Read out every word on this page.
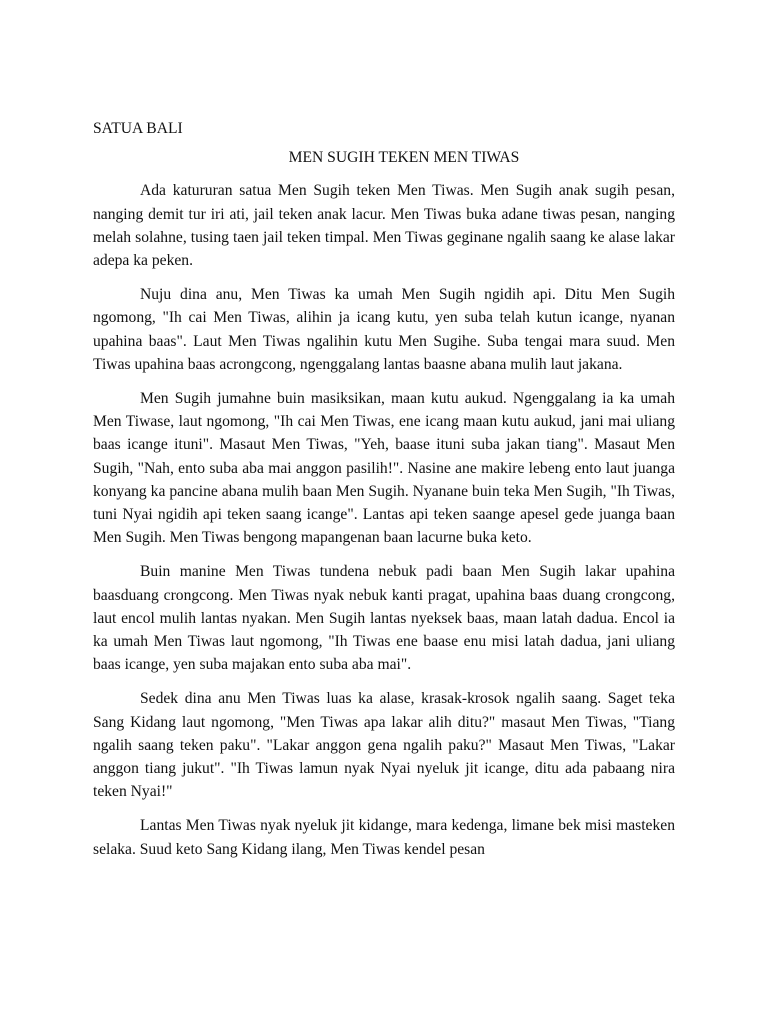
SATUA BALI
MEN SUGIH TEKEN MEN TIWAS

Ada katururan satua Men Sugih teken Men Tiwas. Men Sugih anak sugih pesan, nanging demit tur iri ati, jail teken anak lacur. Men Tiwas buka adane tiwas pesan, nanging melah solahne, tusing taen jail teken timpal. Men Tiwas geginane ngalih saang ke alase lakar adepa ka peken.

Nuju dina anu, Men Tiwas ka umah Men Sugih ngidih api. Ditu Men Sugih ngomong, "Ih cai Men Tiwas, alihin ja icang kutu, yen suba telah kutun icange, nyanan upahina baas". Laut Men Tiwas ngalihin kutu Men Sugihe. Suba tengai mara suud. Men Tiwas upahina baas acrongcong, ngenggalang lantas baasne abana mulih laut jakana.

Men Sugih jumahne buin masiksikan, maan kutu aukud. Ngenggalang ia ka umah Men Tiwase, laut ngomong, "Ih cai Men Tiwas, ene icang maan kutu aukud, jani mai uliang baas icange ituni". Masaut Men Tiwas, "Yeh, baase ituni suba jakan tiang". Masaut Men Sugih, "Nah, ento suba aba mai anggon pasilih!". Nasine ane makire lebeng ento laut juanga konyang ka pancine abana mulih baan Men Sugih. Nyanane buin teka Men Sugih, "Ih Tiwas, tuni Nyai ngidih api teken saang icange". Lantas api teken saange apesel gede juanga baan Men Sugih. Men Tiwas bengong mapangenan baan lacurne buka keto.

Buin manine Men Tiwas tundena nebuk padi baan Men Sugih lakar upahina baasduang crongcong. Men Tiwas nyak nebuk kanti pragat, upahina baas duang crongcong, laut encol mulih lantas nyakan. Men Sugih lantas nyeksek baas, maan latah dadua. Encol ia ka umah Men Tiwas laut ngomong, "Ih Tiwas ene baase enu misi latah dadua, jani uliang baas icange, yen suba majakan ento suba aba mai".

Sedek dina anu Men Tiwas luas ka alase, krasak-krosok ngalih saang. Saget teka Sang Kidang laut ngomong, "Men Tiwas apa lakar alih ditu?" masaut Men Tiwas, "Tiang ngalih saang teken paku". "Lakar anggon gena ngalih paku?" Masaut Men Tiwas, "Lakar anggon tiang jukut". "Ih Tiwas lamun nyak Nyai nyeluk jit icange, ditu ada pabaang nira teken Nyai!"

Lantas Men Tiwas nyak nyeluk jit kidange, mara kedenga, limane bek misi masteken selaka. Suud keto Sang Kidang ilang, Men Tiwas kendel pesan
